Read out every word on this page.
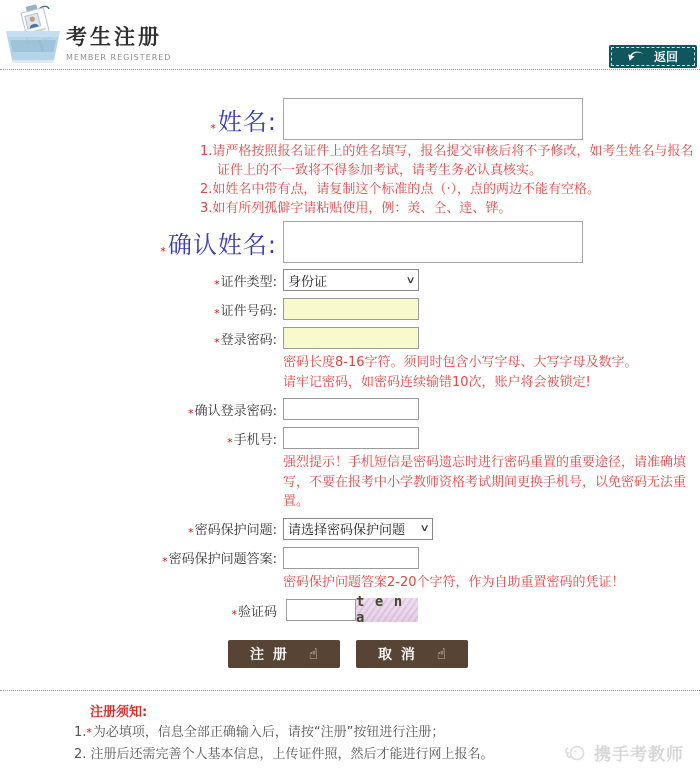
考生注册
MEMBER REGISTERED	返回
*姓名:
1.请严格按照报名证件上的姓名填写，报名提交审核后将不予修改，如考生姓名与报名证件上的不一致将不得参加考试，请考生务必认真核实。
2.如姓名中带有点，请复制这个标准的点（·），点的两边不能有空格。
3.如有所列孤僻字请粘贴使用，例：羙、仝、逹、铧。
*确认姓名:
*证件类型: 身份证	∨
*证件号码:
*登录密码:
密码长度8-16字符。须同时包含小写字母、大写字母及数字。
请牢记密码，如密码连续输错10次，账户将会被锁定!
*确认登录密码:
*手机号:
强烈提示！手机短信是密码遗忘时进行密码重置的重要途径，请准确填写，不要在报考中小学教师资格考试期间更换手机号，以免密码无法重置。
*密码保护问题: 请选择密码保护问题 ∨
*密码保护问题答案:
密码保护问题答案2-20个字符，作为自助重置密码的凭证！
*验证码
t e n a
注 册 ☝	取 消 ☝
注册须知:
1.*为必填项，信息全部正确输入后，请按“注册”按钮进行注册；
2. 注册后还需完善个人基本信息，上传证件照，然后才能进行网上报名。	携手考教师
